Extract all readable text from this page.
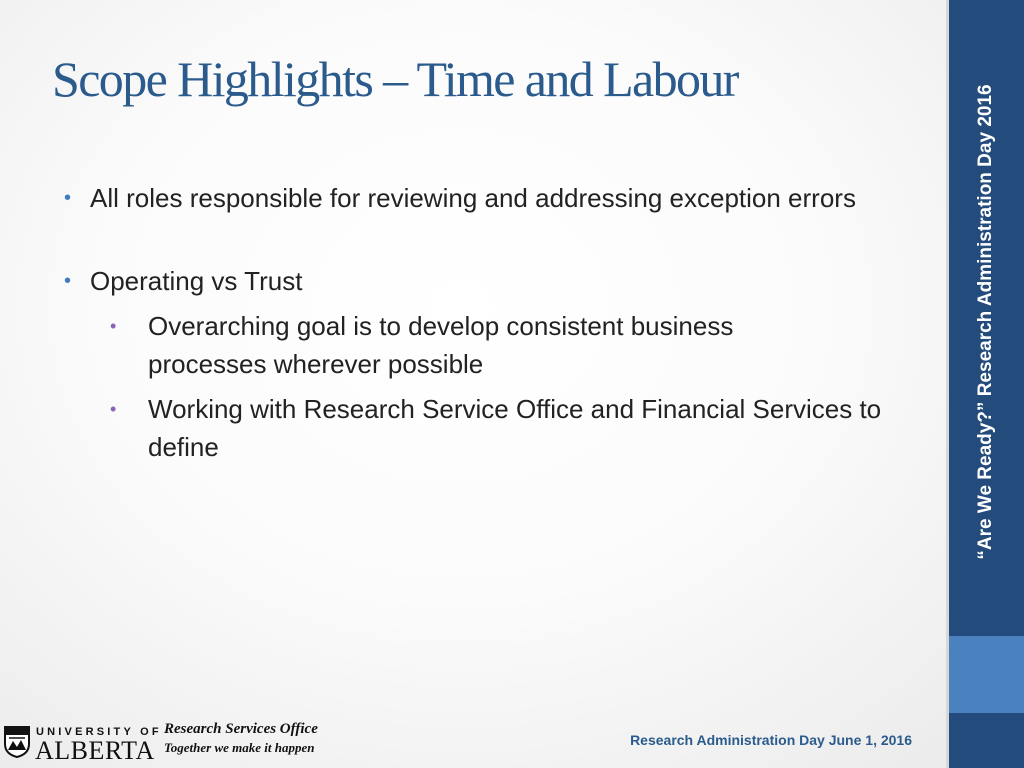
Scope Highlights – Time and Labour
• All roles responsible for reviewing and addressing exception errors
• Operating vs Trust
• Overarching goal is to develop consistent business processes wherever possible
• Working with Research Service Office and Financial Services to define	“Are We Ready?” Research Administration Day 2016
UNIVERSITY OF
ALBERTA
Research Services Office
Together we make it happen	Research Administration Day June 1, 2016
